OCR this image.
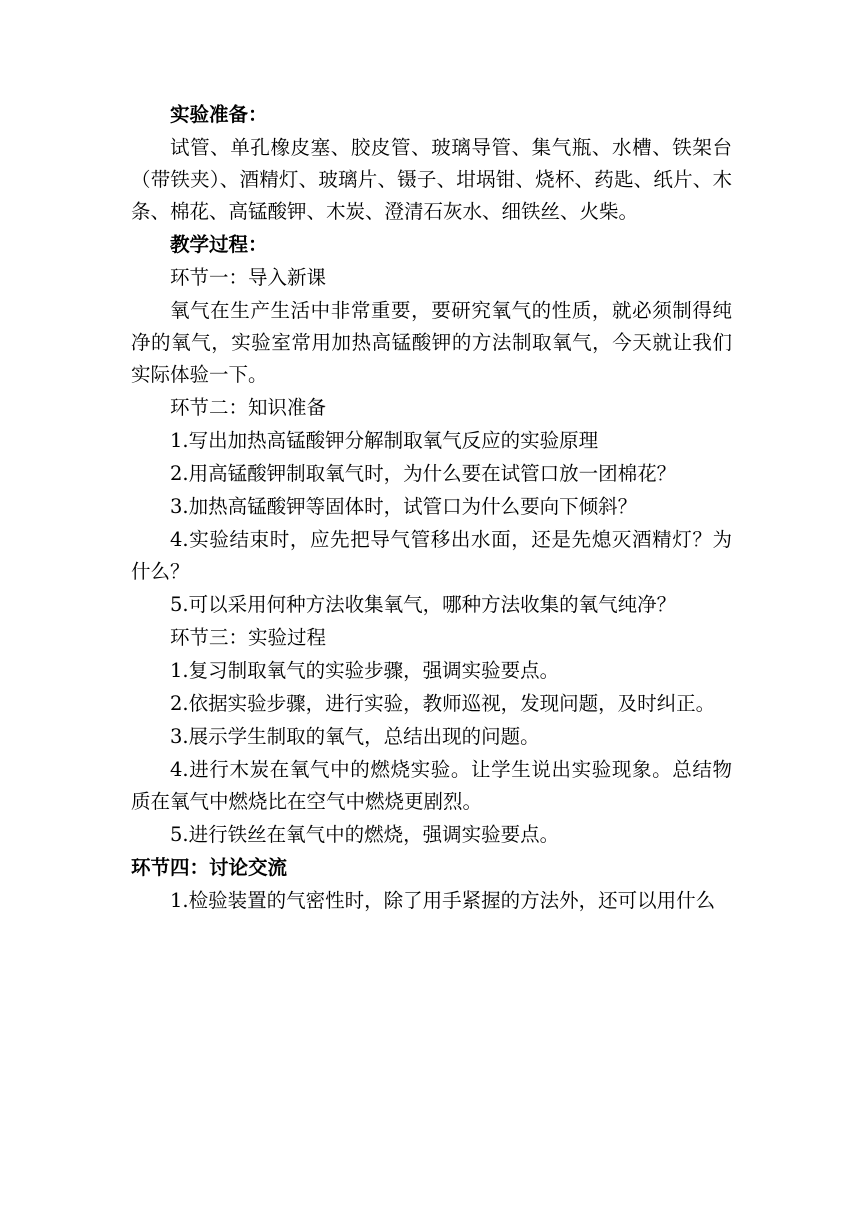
实验准备：

试管、单孔橡皮塞、胶皮管、玻璃导管、集气瓶、水槽、铁架台（带铁夹）、酒精灯、玻璃片、镊子、坩埚钳、烧杯、药匙、纸片、木条、棉花、高锰酸钾、木炭、澄清石灰水、细铁丝、火柴。

教学过程：

环节一：导入新课

氧气在生产生活中非常重要，要研究氧气的性质，就必须制得纯净的氧气，实验室常用加热高锰酸钾的方法制取氧气，今天就让我们实际体验一下。

环节二：知识准备

1.写出加热高锰酸钾分解制取氧气反应的实验原理

2.用高锰酸钾制取氧气时，为什么要在试管口放一团棉花？

3.加热高锰酸钾等固体时，试管口为什么要向下倾斜？

4.实验结束时，应先把导气管移出水面，还是先熄灭酒精灯？为什么？

5.可以采用何种方法收集氧气，哪种方法收集的氧气纯净？

环节三：实验过程

1.复习制取氧气的实验步骤，强调实验要点。

2.依据实验步骤，进行实验，教师巡视，发现问题，及时纠正。

3.展示学生制取的氧气，总结出现的问题。

4.进行木炭在氧气中的燃烧实验。让学生说出实验现象。总结物质在氧气中燃烧比在空气中燃烧更剧烈。

5.进行铁丝在氧气中的燃烧，强调实验要点。

环节四：讨论交流

1.检验装置的气密性时，除了用手紧握的方法外，还可以用什么
